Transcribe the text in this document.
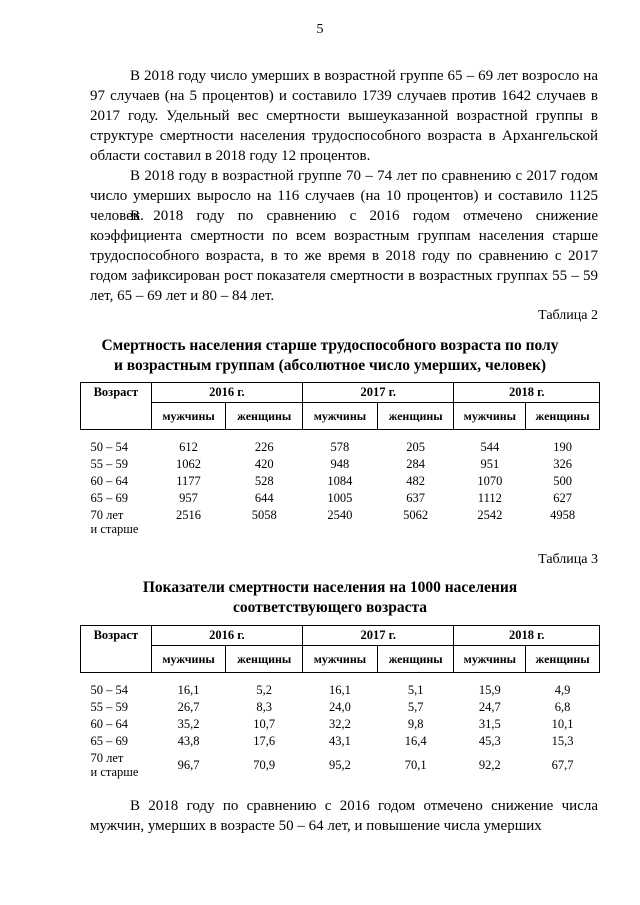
5

В 2018 году число умерших в возрастной группе 65 – 69 лет возросло на 97 случаев (на 5 процентов) и составило 1739 случаев против 1642 случаев в 2017 году. Удельный вес смертности вышеуказанной возрастной группы в структуре смертности населения трудоспособного возраста в Архангельской области составил в 2018 году 12 процентов.

В 2018 году в возрастной группе 70 – 74 лет по сравнению с 2017 годом число умерших выросло на 116 случаев (на 10 процентов) и составило 1125 человек.

В 2018 году по сравнению с 2016 годом отмечено снижение коэффициента смертности по всем возрастным группам населения старше трудоспособного возраста, в то же время в 2018 году по сравнению с 2017 годом зафиксирован рост показателя смертности в возрастных группах 55 – 59 лет, 65 – 69 лет и 80 – 84 лет.

Таблица 2
Смертность населения старше трудоспособного возраста по полу
и возрастным группам (абсолютное число умерших, человек)
Возраст	2016 г.		2017 г.		2018 г.	
	мужчины	женщины	мужчины	женщины	мужчины	женщины

50 – 54	612	226	578	205	544	190
55 – 59	1062	420	948	284	951	326
60 – 64	1177	528	1084	482	1070	500
65 – 69	957	644	1005	637	1112	627

70 лет
и старше	2516	5058	2540	5062	2542	4958
Таблица 3
Показатели смертности населения на 1000 населения
соответствующего возраста
Возраст	2016 г.		2017 г.		2018 г.	
	мужчины	женщины	мужчины	женщины	мужчины	женщины

50 – 54	16,1	5,2	16,1	5,1	15,9	4,9
55 – 59	26,7	8,3	24,0	5,7	24,7	6,8
60 – 64	35,2	10,7	32,2	9,8	31,5	10,1
65 – 69	43,8	17,6	43,1	16,4	45,3	15,3

70 лет
и старше	96,7	70,9	95,2	70,1	92,2	67,7

В 2018 году по сравнению с 2016 годом отмечено снижение числа мужчин, умерших в возрасте 50 – 64 лет, и повышение числа умерших
